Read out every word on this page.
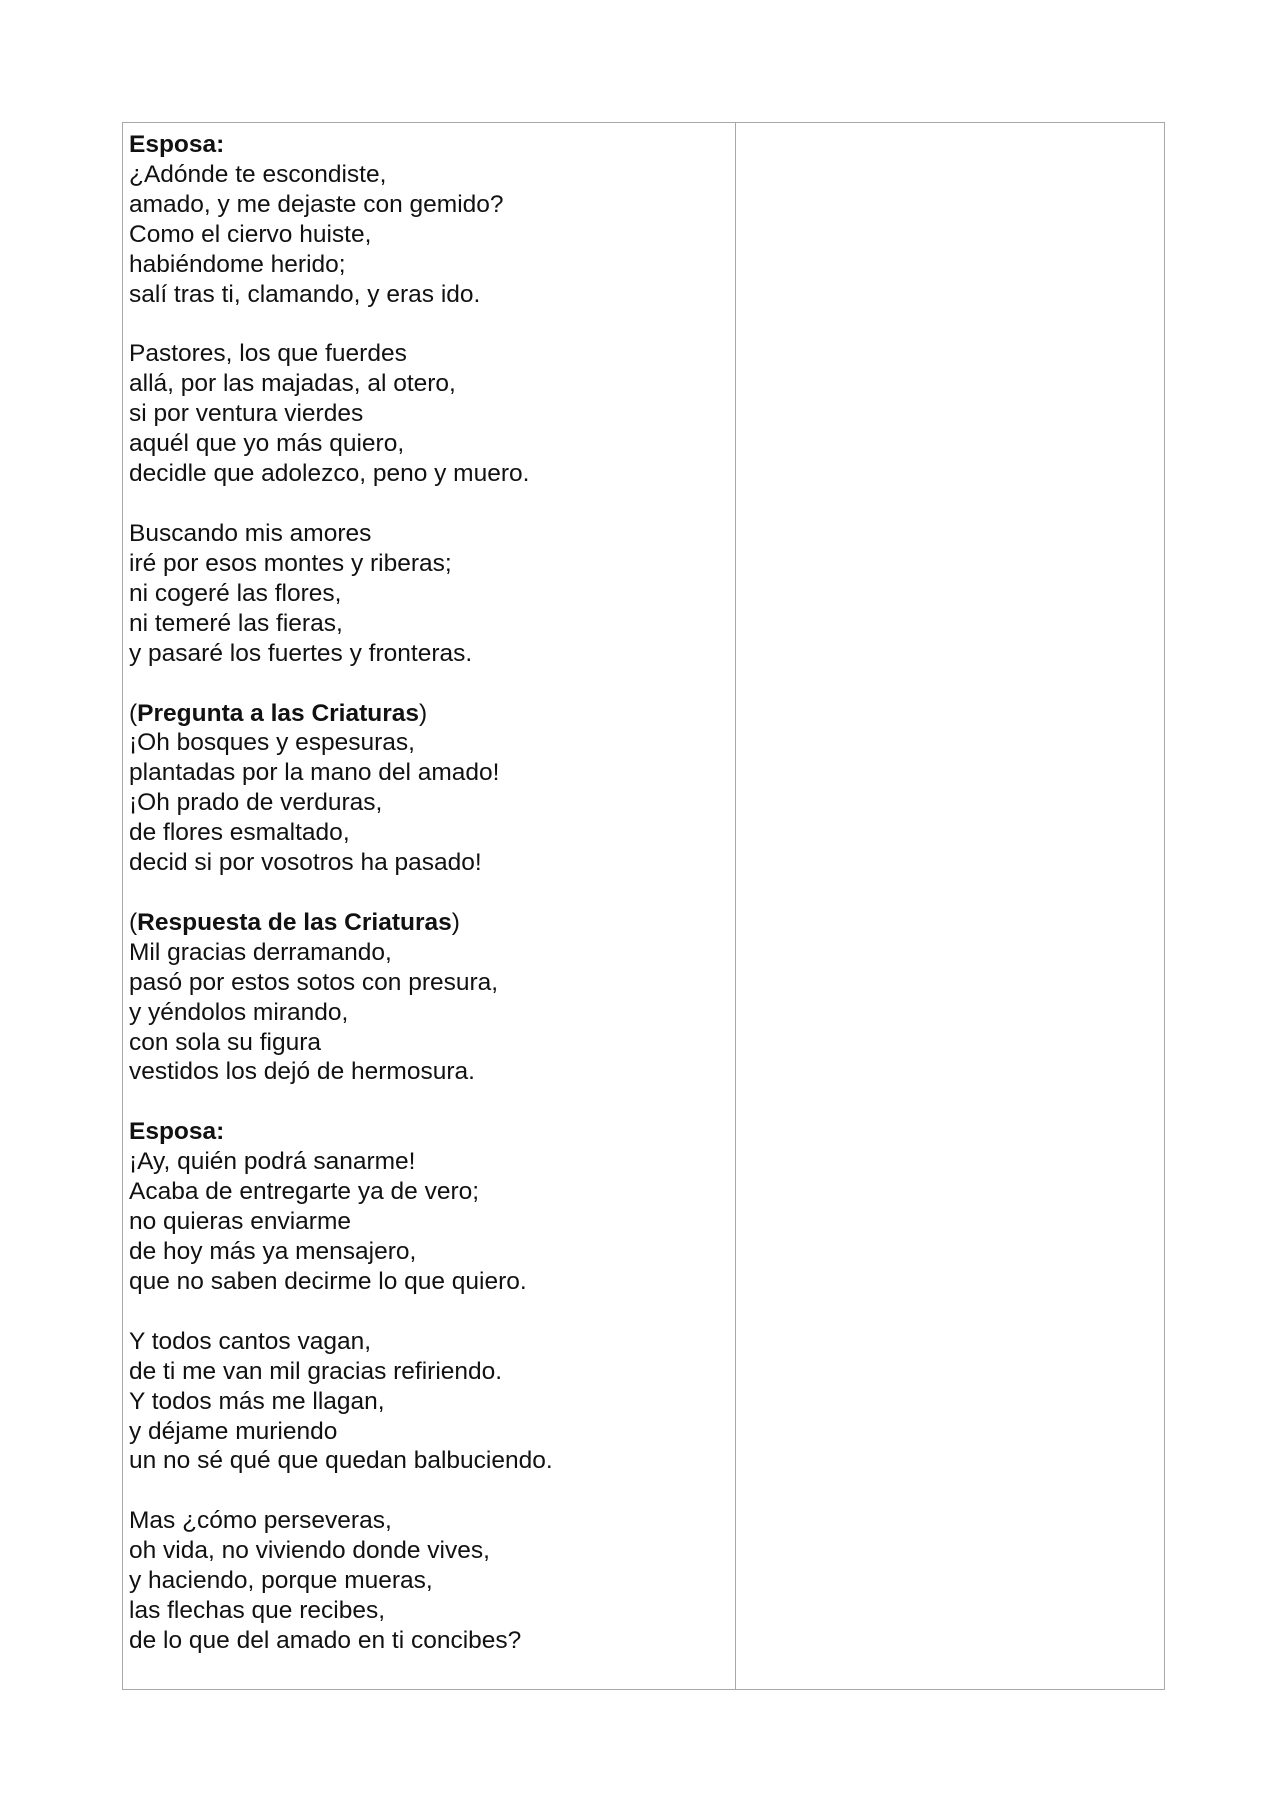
Esposa:
¿Adónde te escondiste,
amado, y me dejaste con gemido?
Como el ciervo huiste,
habiéndome herido;
salí tras ti, clamando, y eras ido.
Pastores, los que fuerdes
allá, por las majadas, al otero,
si por ventura vierdes
aquél que yo más quiero,
decidle que adolezco, peno y muero.
Buscando mis amores
iré por esos montes y riberas;
ni cogeré las flores,
ni temeré las fieras,
y pasaré los fuertes y fronteras.
(Pregunta a las Criaturas)
¡Oh bosques y espesuras,
plantadas por la mano del amado!
¡Oh prado de verduras,
de flores esmaltado,
decid si por vosotros ha pasado!
(Respuesta de las Criaturas)
Mil gracias derramando,
pasó por estos sotos con presura,
y yéndolos mirando,
con sola su figura
vestidos los dejó de hermosura.
Esposa:
¡Ay, quién podrá sanarme!
Acaba de entregarte ya de vero;
no quieras enviarme
de hoy más ya mensajero,
que no saben decirme lo que quiero.
Y todos cantos vagan,
de ti me van mil gracias refiriendo.
Y todos más me llagan,
y déjame muriendo
un no sé qué que quedan balbuciendo.
Mas ¿cómo perseveras,
oh vida, no viviendo donde vives,
y haciendo, porque mueras,
las flechas que recibes,
de lo que del amado en ti concibes?
